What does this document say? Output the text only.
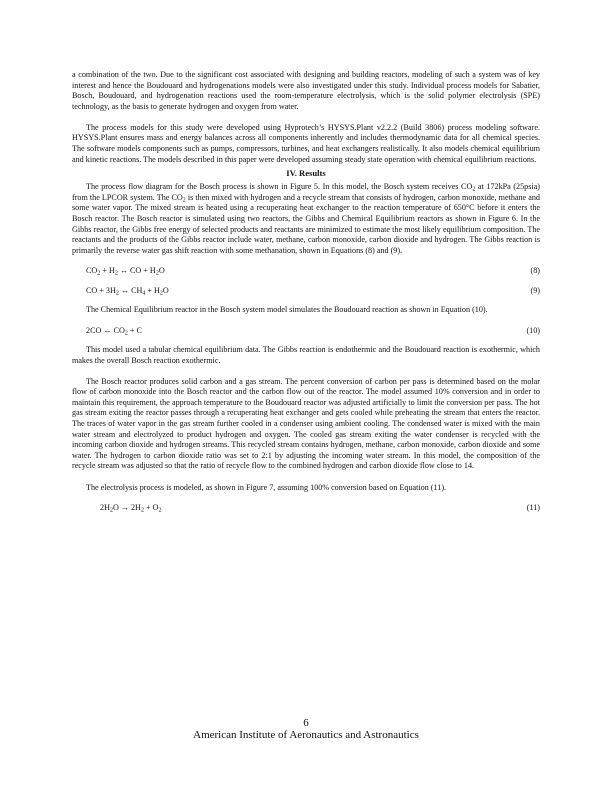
a combination of the two. Due to the significant cost associated with designing and building reactors, modeling of such a system was of key interest and hence the Boudouard and hydrogenations models were also investigated under this study. Individual process models for Sabatier, Bosch, Boudouard, and hydrogenation reactions used the room-temperature electrolysis, which is the solid polymer electrolysis (SPE) technology, as the basis to generate hydrogen and oxygen from water.

The process models for this study were developed using Hyprotech’s HYSYS.Plant v2.2.2 (Build 3806) process modeling software. HYSYS.Plant ensures mass and energy balances across all components inherently and includes thermodynamic data for all chemical species. The software models components such as pumps, compressors, turbines, and heat exchangers realistically. It also models chemical equilibrium and kinetic reactions. The models described in this paper were developed assuming steady state operation with chemical equilibrium reactions.

IV. Results

The process flow diagram for the Bosch process is shown in Figure 5. In this model, the Bosch system receives $CO_2$ at 172kPa (25psia) from the LPCOR system. The $CO_2$ is then mixed with hydrogen and a recycle stream that consists of hydrogen, carbon monoxide, methane and some water vapor. The mixed stream is heated using a recuperating heat exchanger to the reaction temperature of 650°C before it enters the Bosch reactor. The Bosch reactor is simulated using two reactors, the Gibbs and Chemical Equilibrium reactors as shown in Figure 6. In the Gibbs reactor, the Gibbs free energy of selected products and reactants are minimized to estimate the most likely equilibrium composition. The reactants and the products of the Gibbs reactor include water, methane, carbon monoxide, carbon dioxide and hydrogen. The Gibbs reaction is primarily the reverse water gas shift reaction with some methanation, shown in Equations (8) and (9).

$CO_2 + H_2$ ↔ CO + $H_2O$	(8)
CO + $3H_2$ ↔ $CH_4 + H_2O$	(9)

The Chemical Equilibrium reactor in the Bosch system model simulates the Boudouard reaction as shown in Equation (10).

2CO ↔ $CO_2 + C$	(10)

This model used a tabular chemical equilibrium data. The Gibbs reaction is endothermic and the Boudouard reaction is exothermic, which makes the overall Bosch reaction exothermic.

The Bosch reactor produces solid carbon and a gas stream. The percent conversion of carbon per pass is determined based on the molar flow of carbon monoxide into the Bosch reactor and the carbon flow out of the reactor. The model assumed 10% conversion and in order to maintain this requirement, the approach temperature to the Boudouard reactor was adjusted artificially to limit the conversion per pass. The hot gas stream exiting the reactor passes through a recuperating heat exchanger and gets cooled while preheating the stream that enters the reactor. The traces of water vapor in the gas stream further cooled in a condenser using ambient cooling. The condensed water is mixed with the main water stream and electrolyzed to product hydrogen and oxygen. The cooled gas stream exiting the water condenser is recycled with the incoming carbon dioxide and hydrogen streams. This recycled stream contains hydrogen, methane, carbon monoxide, carbon dioxide and some water. The hydrogen to carbon dioxide ratio was set to 2:1 by adjusting the incoming water stream. In this model, the composition of the recycle stream was adjusted so that the ratio of recycle flow to the combined hydrogen and carbon dioxide flow close to 14.

The electrolysis process is modeled, as shown in Figure 7, assuming 100% conversion based on Equation (11).

$2H_2O \to 2H_2 + O_2$	(11)
6
American Institute of Aeronautics and Astronautics
